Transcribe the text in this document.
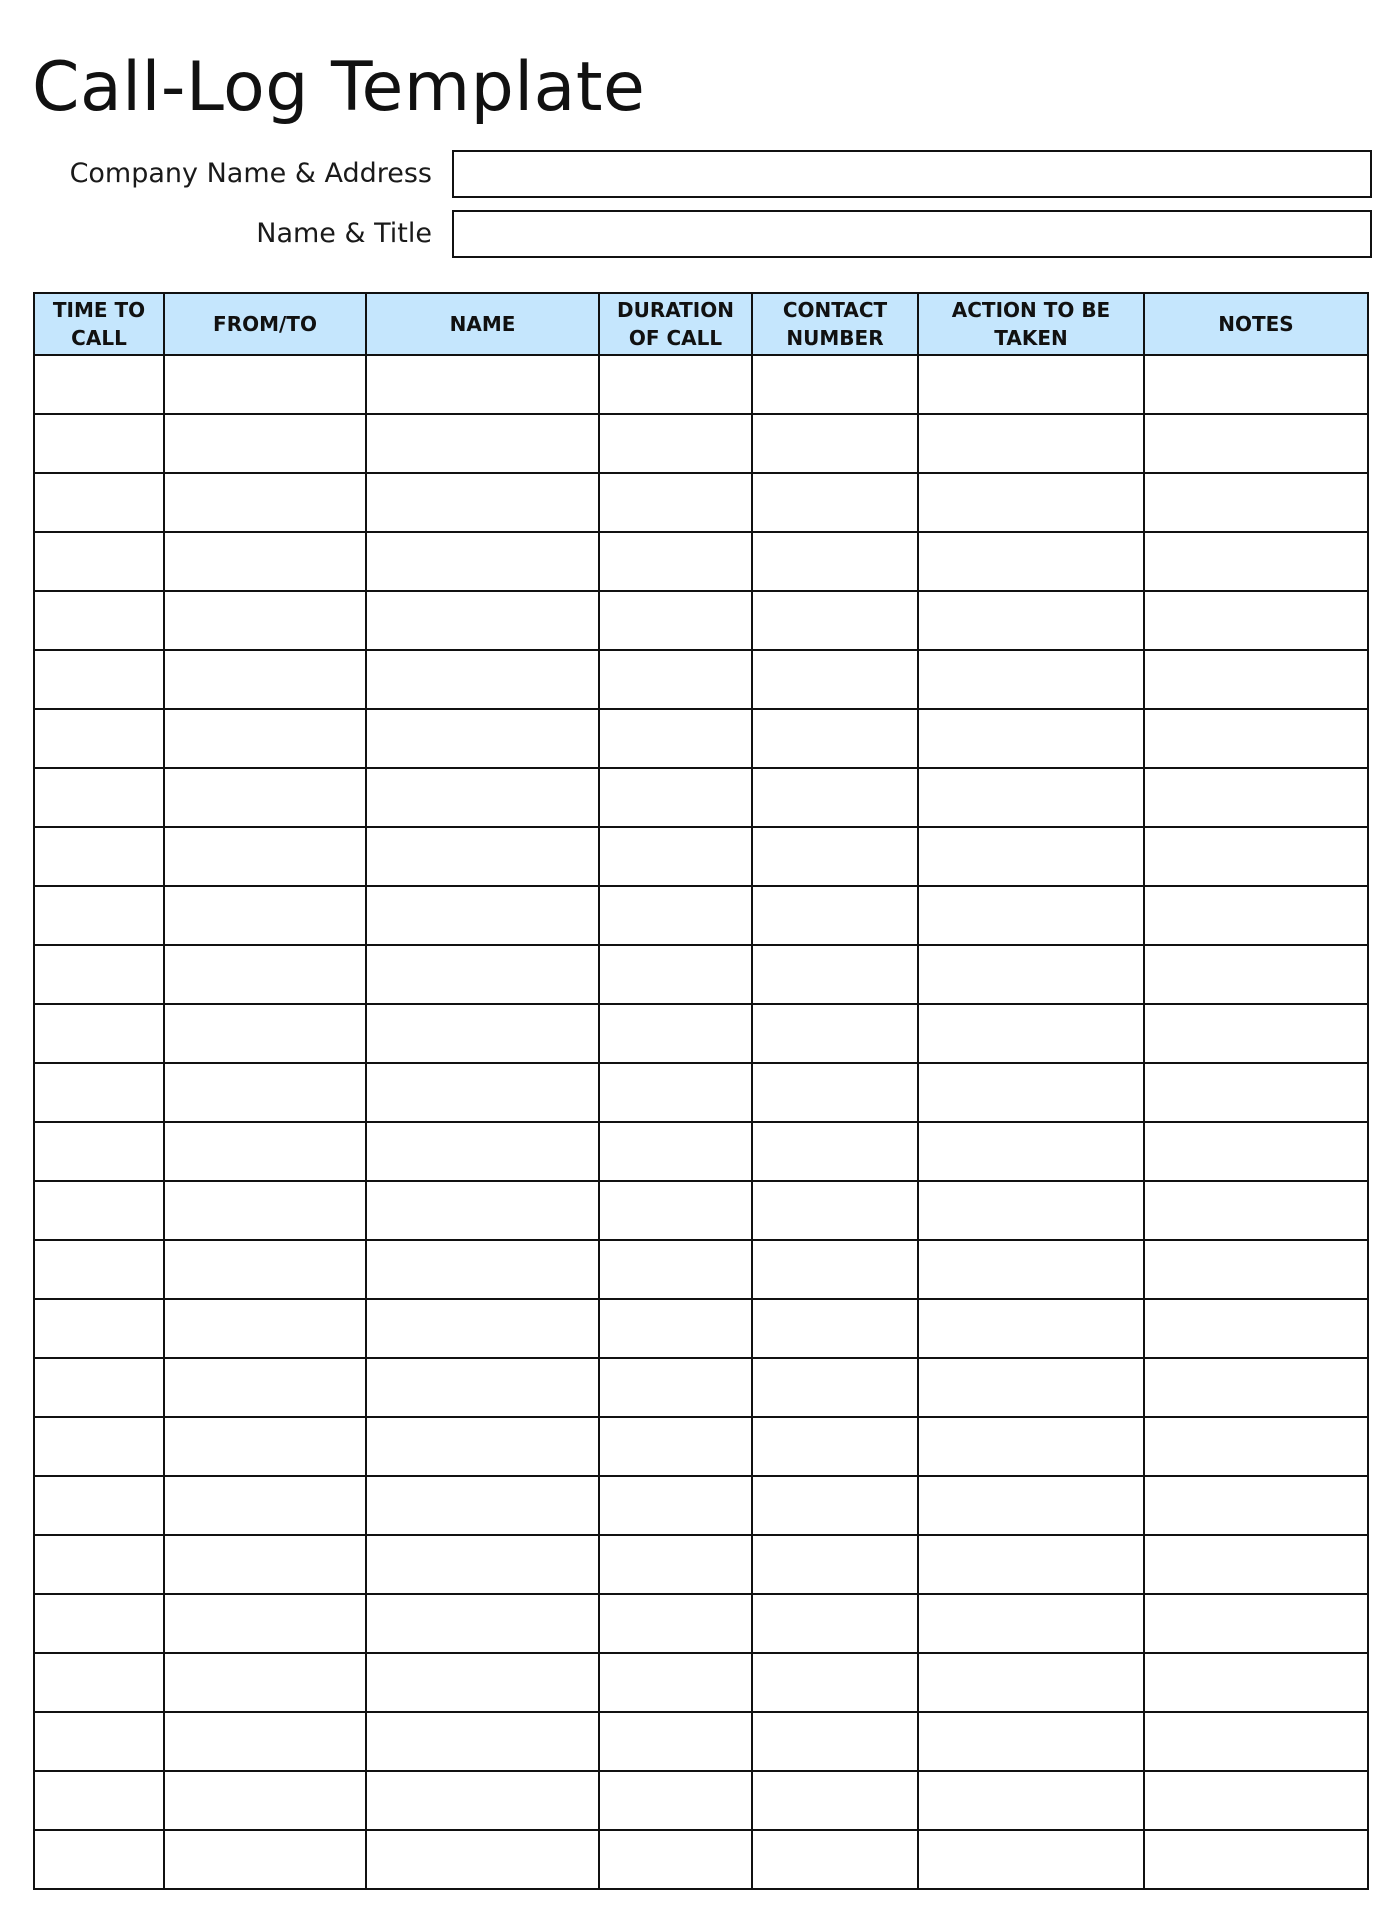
Call-Log Template
Company Name & Address
Name & Title
TIME TO CALL	FROM/TO	NAME	DURATION OF CALL	CONTACT NUMBER	ACTION TO BE TAKEN	NOTES
